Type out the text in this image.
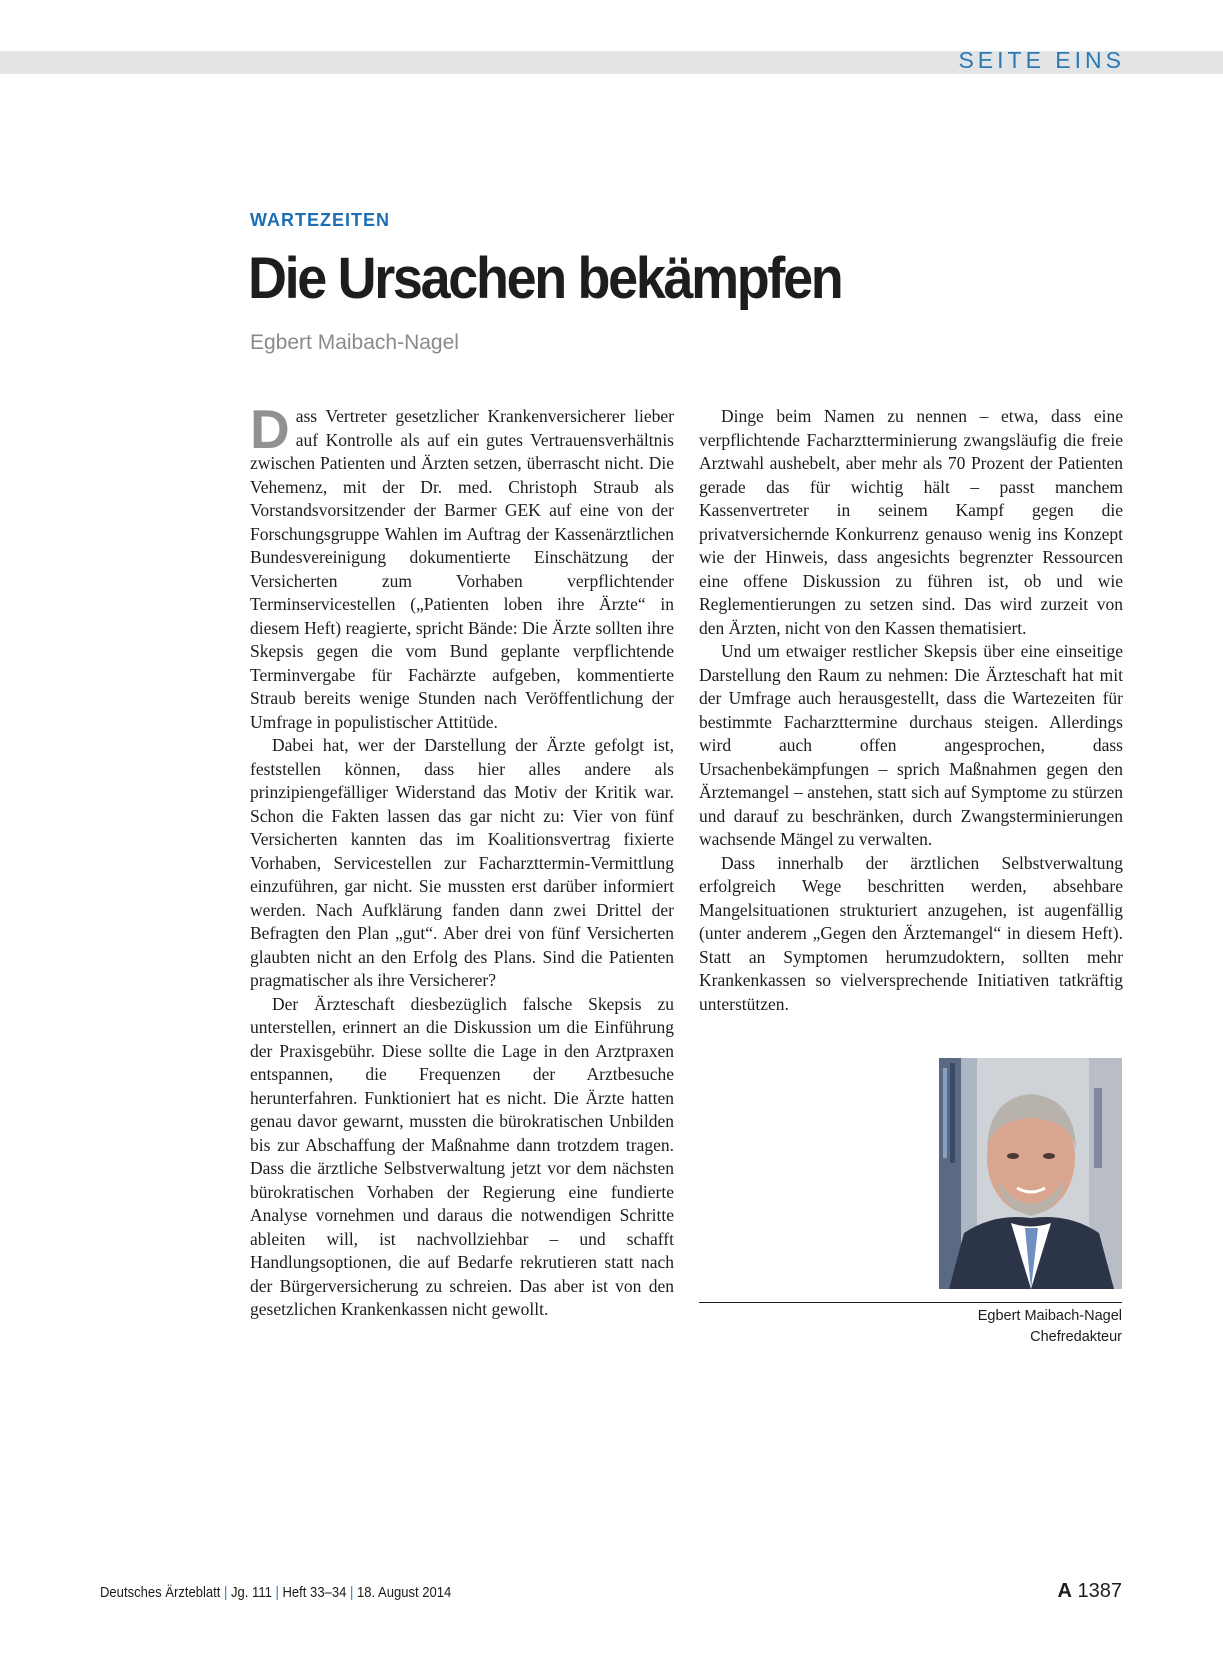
SEITE EINS
WARTEZEITEN
Die Ursachen bekämpfen
Egbert Maibach-Nagel

Dass Vertreter gesetzlicher Krankenversicherer lieber auf Kontrolle als auf ein gutes Vertrauensverhältnis zwischen Patienten und Ärzten setzen, überrascht nicht. Die Vehemenz, mit der Dr. med. Christoph Straub als Vorstandsvorsitzender der Barmer GEK auf eine von der Forschungsgruppe Wahlen im Auftrag der Kassenärztlichen Bundesvereinigung dokumentierte Einschätzung der Versicherten zum Vorhaben verpflichtender Terminservicestellen („Patienten loben ihre Ärzte“ in diesem Heft) reagierte, spricht Bände: Die Ärzte sollten ihre Skepsis gegen die vom Bund geplante verpflichtende Terminvergabe für Fachärzte aufgeben, kommentierte Straub bereits wenige Stunden nach Veröffentlichung der Umfrage in populistischer Attitüde.

Dabei hat, wer der Darstellung der Ärzte gefolgt ist, feststellen können, dass hier alles andere als prinzipiengefälliger Widerstand das Motiv der Kritik war. Schon die Fakten lassen das gar nicht zu: Vier von fünf Versicherten kannten das im Koalitionsvertrag fixierte Vorhaben, Servicestellen zur Facharzttermin-Vermittlung einzuführen, gar nicht. Sie mussten erst darüber informiert werden. Nach Aufklärung fanden dann zwei Drittel der Befragten den Plan „gut“. Aber drei von fünf Versicherten glaubten nicht an den Erfolg des Plans. Sind die Patienten pragmatischer als ihre Versicherer?

Der Ärzteschaft diesbezüglich falsche Skepsis zu unterstellen, erinnert an die Diskussion um die Einführung der Praxisgebühr. Diese sollte die Lage in den Arztpraxen entspannen, die Frequenzen der Arztbesuche herunterfahren. Funktioniert hat es nicht. Die Ärzte hatten genau davor gewarnt, mussten die bürokratischen Unbilden bis zur Abschaffung der Maßnahme dann trotzdem tragen. Dass die ärztliche Selbstverwaltung jetzt vor dem nächsten bürokratischen Vorhaben der Regierung eine fundierte Analyse vornehmen und daraus die notwendigen Schritte ableiten will, ist nachvollziehbar – und schafft Handlungsoptionen, die auf Bedarfe rekrutieren statt nach der Bürgerversicherung zu schreien. Das aber ist von den gesetzlichen Krankenkassen nicht gewollt.

Dinge beim Namen zu nennen – etwa, dass eine verpflichtende Facharztterminierung zwangsläufig die freie Arztwahl aushebelt, aber mehr als 70 Prozent der Patienten gerade das für wichtig hält – passt manchem Kassenvertreter in seinem Kampf gegen die privatversichernde Konkurrenz genauso wenig ins Konzept wie der Hinweis, dass angesichts begrenzter Ressourcen eine offene Diskussion zu führen ist, ob und wie Reglementierungen zu setzen sind. Das wird zurzeit von den Ärzten, nicht von den Kassen thematisiert.

Und um etwaiger restlicher Skepsis über eine einseitige Darstellung den Raum zu nehmen: Die Ärzteschaft hat mit der Umfrage auch herausgestellt, dass die Wartezeiten für bestimmte Facharzttermine durchaus steigen. Allerdings wird auch offen angesprochen, dass Ursachenbekämpfungen – sprich Maßnahmen gegen den Ärztemangel – anstehen, statt sich auf Symptome zu stürzen und darauf zu beschränken, durch Zwangsterminierungen wachsende Mängel zu verwalten.

Dass innerhalb der ärztlichen Selbstverwaltung erfolgreich Wege beschritten werden, absehbare Mangelsituationen strukturiert anzugehen, ist augenfällig (unter anderem „Gegen den Ärztemangel“ in diesem Heft). Statt an Symptomen herumzudoktern, sollten mehr Krankenkassen so vielversprechende Initiativen tatkräftig unterstützen.

Egbert Maibach-Nagel
Chefredakteur
Deutsches Ärzteblatt | Jg. 111 | Heft 33–34 | 18. August 2014	A 1387
